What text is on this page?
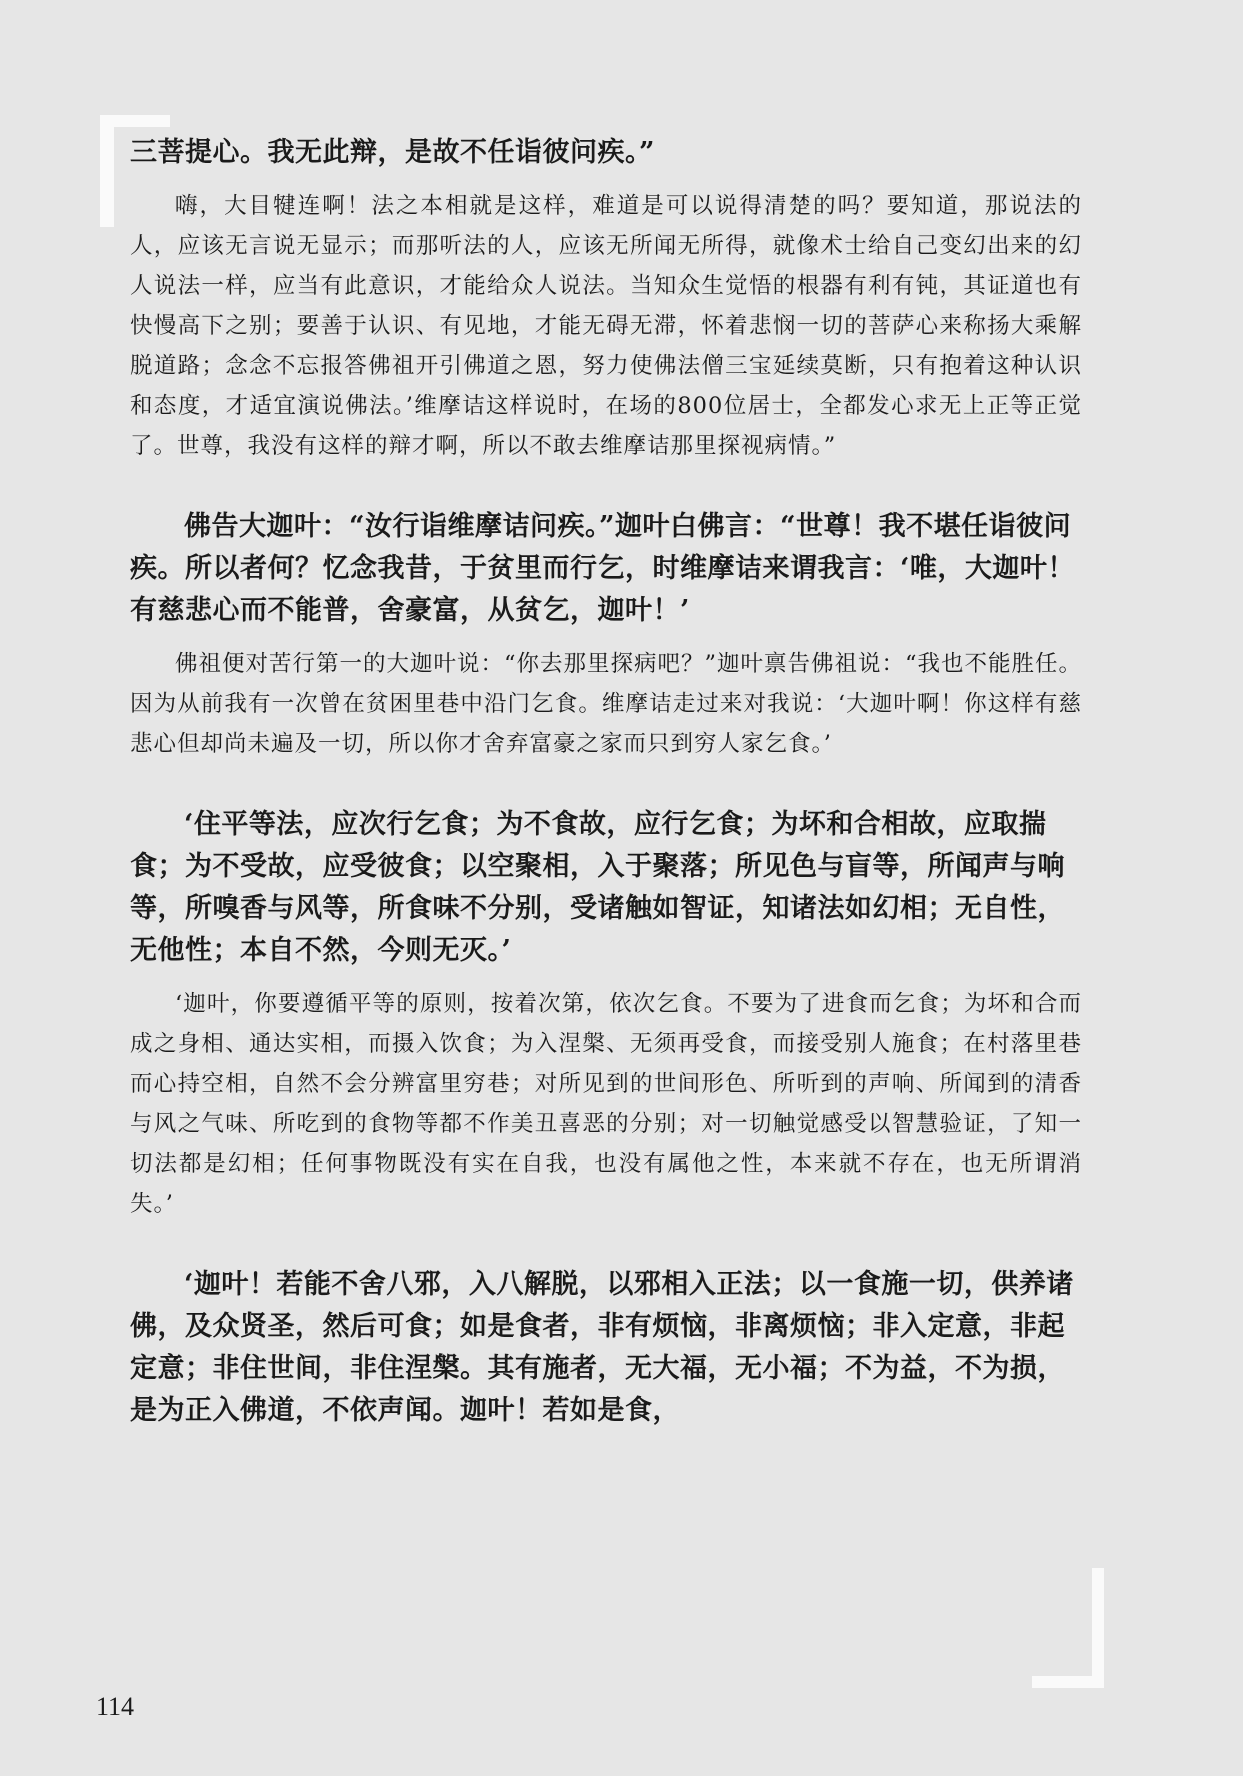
三菩提心。我无此辩，是故不任诣彼问疾。”

嗨，大目犍连啊！法之本相就是这样，难道是可以说得清楚的吗？要知道，那说法的人，应该无言说无显示；而那听法的人，应该无所闻无所得，就像术士给自己变幻出来的幻人说法一样，应当有此意识，才能给众人说法。当知众生觉悟的根器有利有钝，其证道也有快慢高下之别；要善于认识、有见地，才能无碍无滞，怀着悲悯一切的菩萨心来称扬大乘解脱道路；念念不忘报答佛祖开引佛道之恩，努力使佛法僧三宝延续莫断，只有抱着这种认识和态度，才适宜演说佛法。’维摩诘这样说时，在场的800位居士，全都发心求无上正等正觉了。世尊，我没有这样的辩才啊，所以不敢去维摩诘那里探视病情。”

佛告大迦叶：“汝行诣维摩诘问疾。”迦叶白佛言：“世尊！我不堪任诣彼问疾。所以者何？忆念我昔，于贫里而行乞，时维摩诘来谓我言：‘唯，大迦叶！有慈悲心而不能普，舍豪富，从贫乞，迦叶！’

佛祖便对苦行第一的大迦叶说：“你去那里探病吧？”迦叶禀告佛祖说：“我也不能胜任。因为从前我有一次曾在贫困里巷中沿门乞食。维摩诘走过来对我说：‘大迦叶啊！你这样有慈悲心但却尚未遍及一切，所以你才舍弃富豪之家而只到穷人家乞食。’

‘住平等法，应次行乞食；为不食故，应行乞食；为坏和合相故，应取揣食；为不受故，应受彼食；以空聚相，入于聚落；所见色与盲等，所闻声与响等，所嗅香与风等，所食味不分别，受诸触如智证，知诸法如幻相；无自性，无他性；本自不然，今则无灭。’

‘迦叶，你要遵循平等的原则，按着次第，依次乞食。不要为了进食而乞食；为坏和合而成之身相、通达实相，而摄入饮食；为入涅槃、无须再受食，而接受别人施食；在村落里巷而心持空相，自然不会分辨富里穷巷；对所见到的世间形色、所听到的声响、所闻到的清香与风之气味、所吃到的食物等都不作美丑喜恶的分别；对一切触觉感受以智慧验证，了知一切法都是幻相；任何事物既没有实在自我，也没有属他之性，本来就不存在，也无所谓消失。’

‘迦叶！若能不舍八邪，入八解脱，以邪相入正法；以一食施一切，供养诸佛，及众贤圣，然后可食；如是食者，非有烦恼，非离烦恼；非入定意，非起定意；非住世间，非住涅槃。其有施者，无大福，无小福；不为益，不为损，是为正入佛道，不依声闻。迦叶！若如是食，

114
